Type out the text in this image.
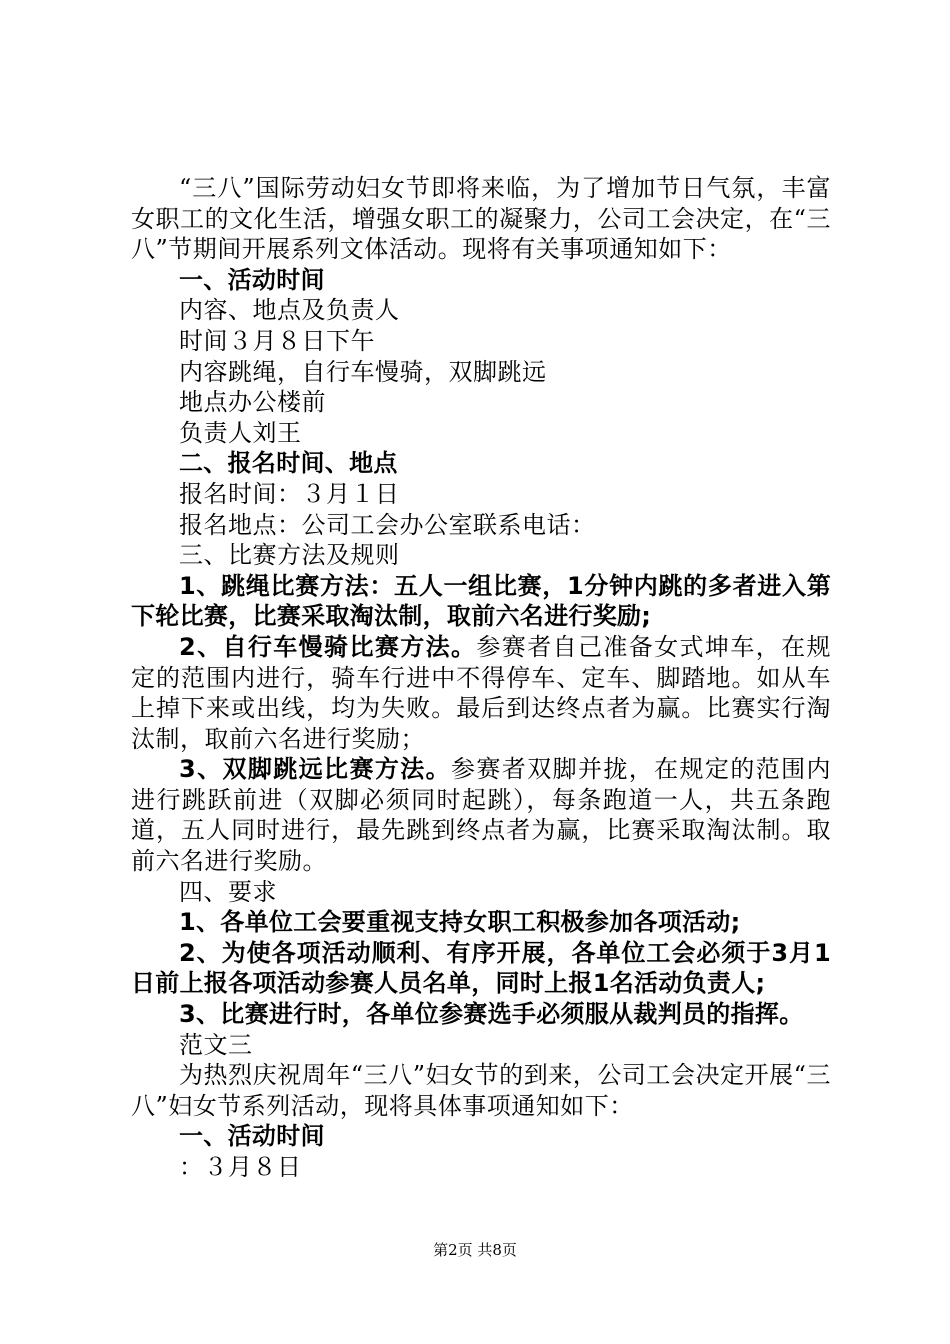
“三八”国际劳动妇女节即将来临，为了增加节日气氛，丰富女职工的文化生活，增强女职工的凝聚力，公司工会决定，在“三八”节期间开展系列文体活动。现将有关事项通知如下：

一、活动时间

内容、地点及负责人

时间３月８日下午

内容跳绳，自行车慢骑，双脚跳远

地点办公楼前

负责人刘王

二、报名时间、地点

报名时间：３月１日

报名地点：公司工会办公室联系电话：

三、比赛方法及规则

1、跳绳比赛方法：五人一组比赛，1分钟内跳的多者进入第下轮比赛，比赛采取淘汰制，取前六名进行奖励;

2、自行车慢骑比赛方法。参赛者自己准备女式坤车，在规定的范围内进行，骑车行进中不得停车、定车、脚踏地。如从车上掉下来或出线，均为失败。最后到达终点者为赢。比赛实行淘汰制，取前六名进行奖励；

3、双脚跳远比赛方法。参赛者双脚并拢，在规定的范围内进行跳跃前进（双脚必须同时起跳），每条跑道一人，共五条跑道，五人同时进行，最先跳到终点者为赢，比赛采取淘汰制。取前六名进行奖励。

四、要求

1、各单位工会要重视支持女职工积极参加各项活动;

2、为使各项活动顺利、有序开展，各单位工会必须于3月1日前上报各项活动参赛人员名单，同时上报1名活动负责人;

3、比赛进行时，各单位参赛选手必须服从裁判员的指挥。

范文三

为热烈庆祝周年“三八”妇女节的到来，公司工会决定开展“三八”妇女节系列活动，现将具体事项通知如下：

一、活动时间

：３月８日

第2页 共8页
